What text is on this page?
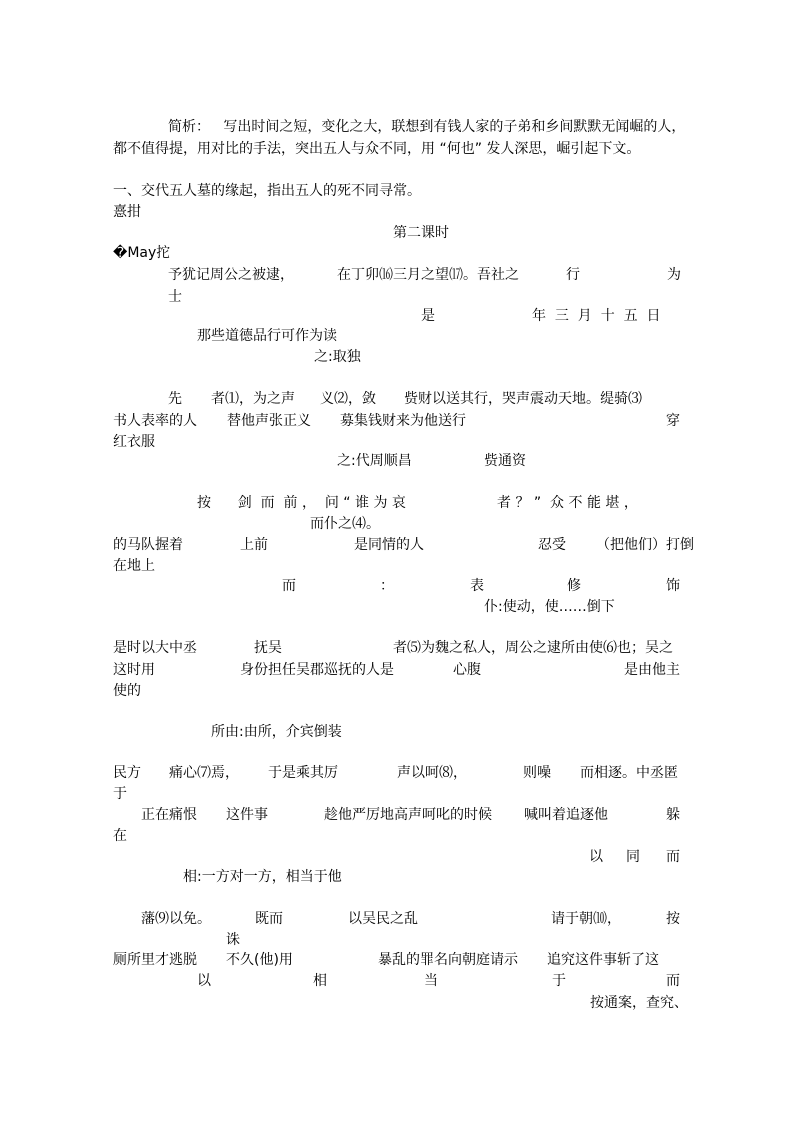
简析：   写出时间之短，变化之大，联想到有钱人家的子弟和乡间默默无闻崛的人，
都不值得提，用对比的手法，突出五人与众不同，用 “何也” 发人深思，崛引起下文。
一、交代五人墓的缘起，指出五人的死不同寻常。
憙拑
第二课时
�May拕
予犹记周公之被逮，	在丁卯⒃三月之望⒄。吾社之	行	为
士
是	年  三  月  十  五  日
那些道德品行可作为读
之:取独
先 者⑴，为之声 义⑵，敛 赀财以送其行，哭声震动天地。缇骑⑶
书人表率的人 替他声张正义 募集钱财来为他送行	穿
红衣服
之:代周顺昌	赀通资
按      剑  而  前 ，  问 “ 谁 为 哀	者 ？ ”  众 不 能 堪 ，
而仆之⑷。
的马队握着	上前	是同情的人	忍受 （把他们）打倒
在地上
而	：	表	修	饰
仆:使动，使……倒下
是时以大中丞	抚吴	者⑸为魏之私人，周公之逮所由使⑹也；吴之
这时用	身份担任吴郡巡抚的人是	心腹	是由他主
使的
所由:由所，介宾倒装
民方 痛心⑺焉， 于是乘其厉	声以呵⑻，	则噪 而相逐。中丞匿
于
正在痛恨 这件事	趁他严厉地高声呵叱的时候 喊叫着追逐他	躲
在
以 同 而
相:一方对一方，相当于他
藩⑼以免。	既而	以吴民之乱	请于朝⑽，	按
诛
厕所里才逃脱 不久(他)用	暴乱的罪名向朝庭请示 追究这件事斩了这
以	相	当	于	而
按通案，查究、
